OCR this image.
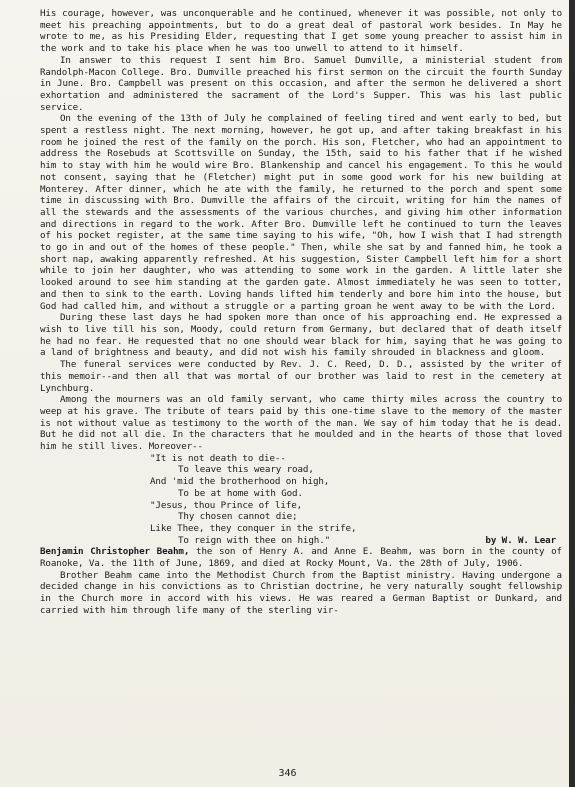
His courage, however, was unconquerable and he continued, whenever it was possible, not only to meet his preaching appointments, but to do a great deal of pastoral work besides. In May he wrote to me, as his Presiding Elder, requesting that I get some young preacher to assist him in the work and to take his place when he was too unwell to attend to it himself.

In answer to this request I sent him Bro. Samuel Dumville, a ministerial student from Randolph-Macon College. Bro. Dumville preached his first sermon on the circuit the fourth Sunday in June. Bro. Campbell was present on this occasion, and after the sermon he delivered a short exhortation and administered the sacrament of the Lord's Supper. This was his last public service.

On the evening of the 13th of July he complained of feeling tired and went early to bed, but spent a restless night. The next morning, however, he got up, and after taking breakfast in his room he joined the rest of the family on the porch. His son, Fletcher, who had an appointment to address the Rosebuds at Scottsville on Sunday, the 15th, said to his father that if he wished him to stay with him he would wire Bro. Blankenship and cancel his engagement. To this he would not consent, saying that he (Fletcher) might put in some good work for his new building at Monterey. After dinner, which he ate with the family, he returned to the porch and spent some time in discussing with Bro. Dumville the affairs of the circuit, writing for him the names of all the stewards and the assessments of the various churches, and giving him other information and directions in regard to the work. After Bro. Dumville left he continued to turn the leaves of his pocket register, at the same time saying to his wife, "Oh, how I wish that I had strength to go in and out of the homes of these people." Then, while she sat by and fanned him, he took a short nap, awaking apparently refreshed. At his suggestion, Sister Campbell left him for a short while to join her daughter, who was attending to some work in the garden. A little later she looked around to see him standing at the garden gate. Almost immediately he was seen to totter, and then to sink to the earth. Loving hands lifted him tenderly and bore him into the house, but God had called him, and without a struggle or a parting groan he went away to be with the Lord.

During these last days he had spoken more than once of his approaching end. He expressed a wish to live till his son, Moody, could return from Germany, but declared that of death itself he had no fear. He requested that no one should wear black for him, saying that he was going to a land of brightness and beauty, and did not wish his family shrouded in blackness and gloom.

The funeral services were conducted by Rev. J. C. Reed, D. D., assisted by the writer of this memoir--and then all that was mortal of our brother was laid to rest in the cemetery at Lynchburg.

Among the mourners was an old family servant, who came thirty miles across the country to weep at his grave. The tribute of tears paid by this one-time slave to the memory of the master is not without value as testimony to the worth of the man. We say of him today that he is dead. But he did not all die. In the characters that he moulded and in the hearts of those that loved him he still lives. Moreover--

"It is not death to die--
To leave this weary road,
And 'mid the brotherhood on high,
To be at home with God.
"Jesus, thou Prince of life,
Thy chosen cannot die;
Like Thee, they conquer in the strife,
To reign with thee on high."	by W. W. Lear

Benjamin Christopher Beahm, the son of Henry A. and Anne E. Beahm, was born in the county of Roanoke, Va. the 11th of June, 1869, and died at Rocky Mount, Va. the 28th of July, 1906.

Brother Beahm came into the Methodist Church from the Baptist ministry. Having undergone a decided change in his convictions as to Christian doctrine, he very naturally sought fellowship in the Church more in accord with his views. He was reared a German Baptist or Dunkard, and carried with him through life many of the sterling vir-

346
